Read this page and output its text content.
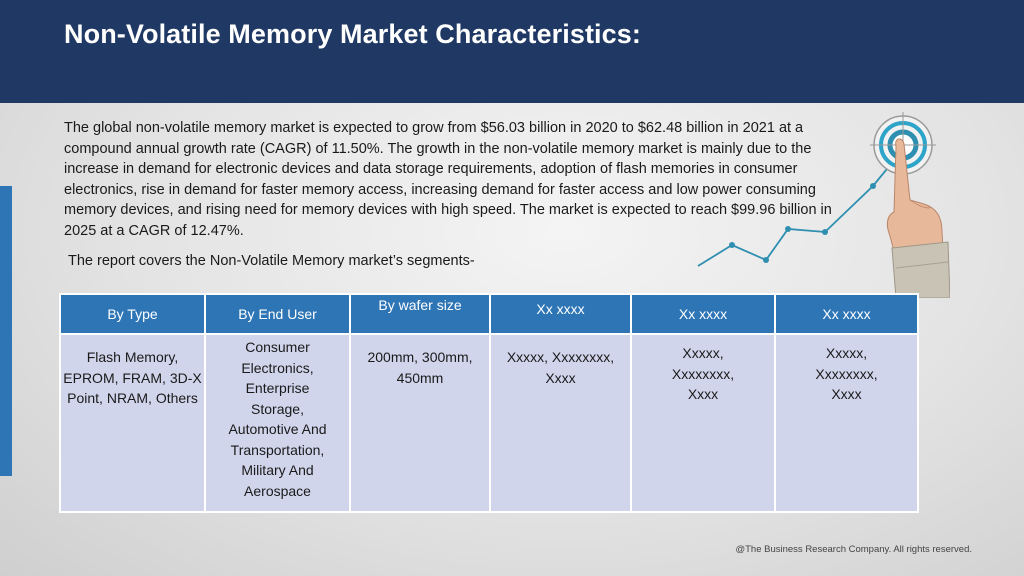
Non-Volatile Memory Market Characteristics:

The global non-volatile memory market is expected to grow from $56.03 billion in 2020 to $62.48 billion in 2021 at a compound annual growth rate (CAGR) of 11.50%. The growth in the non-volatile memory market is mainly due to the increase in demand for electronic devices and data storage requirements, adoption of flash memories in consumer electronics, rise in demand for faster memory access, increasing demand for faster access and low power consuming memory devices, and rising need for memory devices with high speed. The market is expected to reach $99.96 billion in 2025 at a CAGR of 12.47%.

The report covers the Non-Volatile Memory market’s segments-

By Type	By End User	By wafer size	Xx xxxx	Xx xxxx	Xx xxxx
Flash Memory, EPROM, FRAM, 3D-X Point, NRAM, Others	Consumer Electronics, Enterprise Storage, Automotive And Transportation, Military And Aerospace	200mm, 300mm, 450mm	Xxxxx, Xxxxxxxx, Xxxx	Xxxxx, Xxxxxxxx, Xxxx	Xxxxx, Xxxxxxxx, Xxxx
@The Business Research Company. All rights reserved.
